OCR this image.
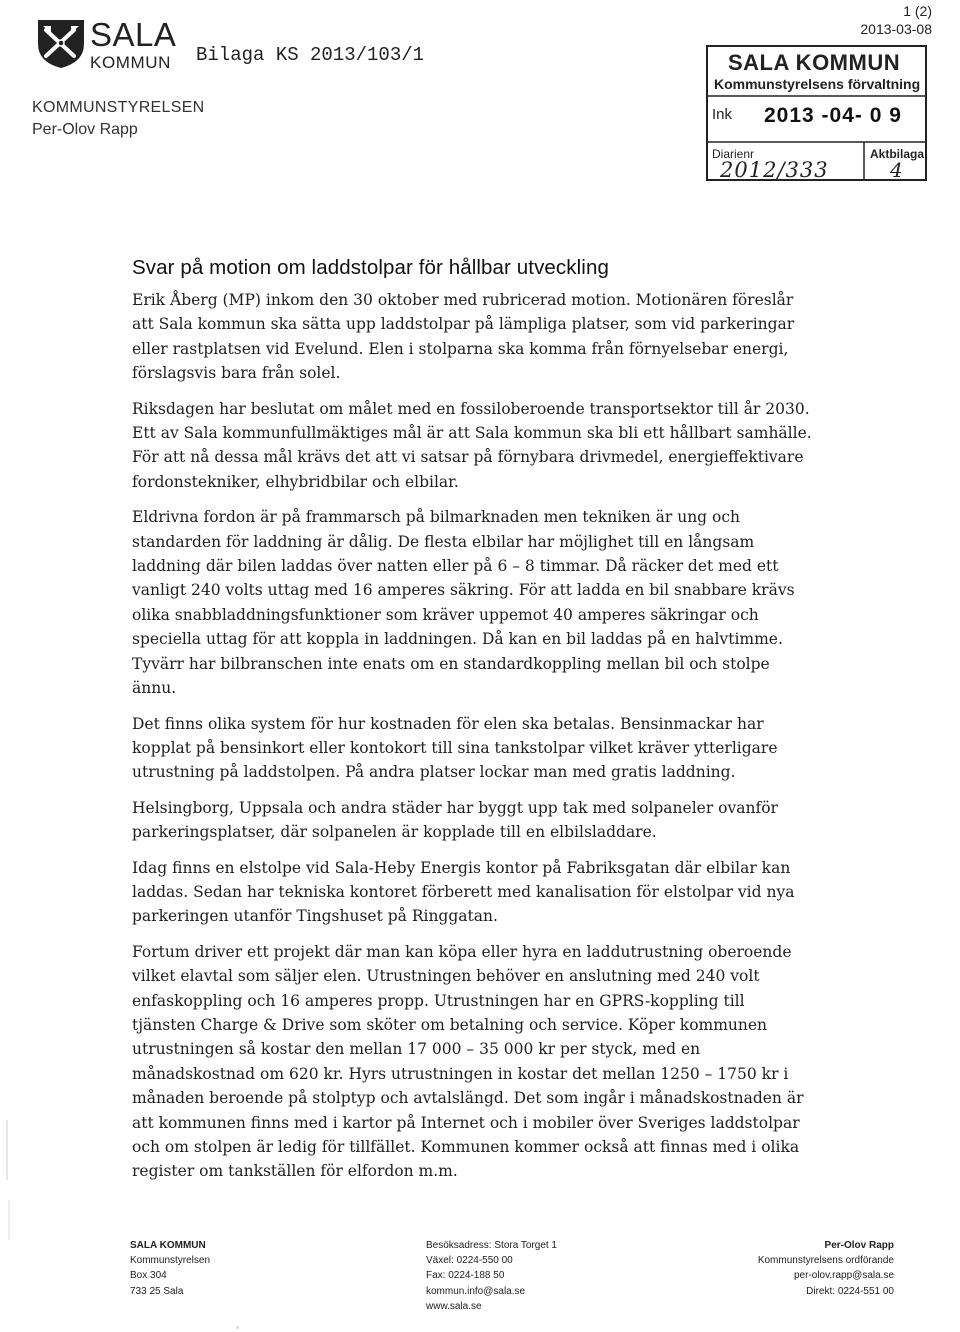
SALA
KOMMUN Bilaga KS 2013/103/1
1 (2)
2013-03-08
KOMMUNSTYRELSEN
Per-Olov Rapp
SALA KOMMUN
Kommunstyrelsens förvaltning
Ink 2013 -04- 0 9
Diarienr	Aktbilaga
2012/333	4
Svar på motion om laddstolpar för hållbar utveckling

Erik Åberg (MP) inkom den 30 oktober med rubricerad motion. Motionären föreslår att Sala kommun ska sätta upp laddstolpar på lämpliga platser, som vid parkeringar eller rastplatsen vid Evelund. Elen i stolparna ska komma från förnyelsebar energi, förslagsvis bara från solel.

Riksdagen har beslutat om målet med en fossiloberoende transportsektor till år 2030. Ett av Sala kommunfullmäktiges mål är att Sala kommun ska bli ett hållbart samhälle. För att nå dessa mål krävs det att vi satsar på förnybara drivmedel, energieffektivare fordonstekniker, elhybridbilar och elbilar.

Eldrivna fordon är på frammarsch på bilmarknaden men tekniken är ung och standarden för laddning är dålig. De flesta elbilar har möjlighet till en långsam laddning där bilen laddas över natten eller på 6 – 8 timmar. Då räcker det med ett vanligt 240 volts uttag med 16 amperes säkring. För att ladda en bil snabbare krävs olika snabbladdningsfunktioner som kräver uppemot 40 amperes säkringar och speciella uttag för att koppla in laddningen. Då kan en bil laddas på en halvtimme. Tyvärr har bilbranschen inte enats om en standardkoppling mellan bil och stolpe ännu.

Det finns olika system för hur kostnaden för elen ska betalas. Bensinmackar har kopplat på bensinkort eller kontokort till sina tankstolpar vilket kräver ytterligare utrustning på laddstolpen. På andra platser lockar man med gratis laddning.

Helsingborg, Uppsala och andra städer har byggt upp tak med solpaneler ovanför parkeringsplatser, där solpanelen är kopplade till en elbilsladdare.

Idag finns en elstolpe vid Sala-Heby Energis kontor på Fabriksgatan där elbilar kan laddas. Sedan har tekniska kontoret förberett med kanalisation för elstolpar vid nya parkeringen utanför Tingshuset på Ringgatan.

Fortum driver ett projekt där man kan köpa eller hyra en laddutrustning oberoende vilket elavtal som säljer elen. Utrustningen behöver en anslutning med 240 volt enfaskoppling och 16 amperes propp. Utrustningen har en GPRS-koppling till tjänsten Charge & Drive som sköter om betalning och service. Köper kommunen utrustningen så kostar den mellan 17 000 – 35 000 kr per styck, med en månadskostnad om 620 kr. Hyrs utrustningen in kostar det mellan 1250 – 1750 kr i månaden beroende på stolptyp och avtalslängd. Det som ingår i månadskostnaden är att kommunen finns med i kartor på Internet och i mobiler över Sveriges laddstolpar och om stolpen är ledig för tillfället. Kommunen kommer också att finnas med i olika register om tankställen för elfordon m.m.

SALA KOMMUN
Kommunstyrelsen
Box 304
733 25 Sala
Besöksadress: Stora Torget 1
Växel: 0224-550 00
Fax: 0224-188 50
kommun.info@sala.se
www.sala.se
Per-Olov Rapp
Kommunstyrelsens ordförande
per-olov.rapp@sala.se
Direkt: 0224-551 00
